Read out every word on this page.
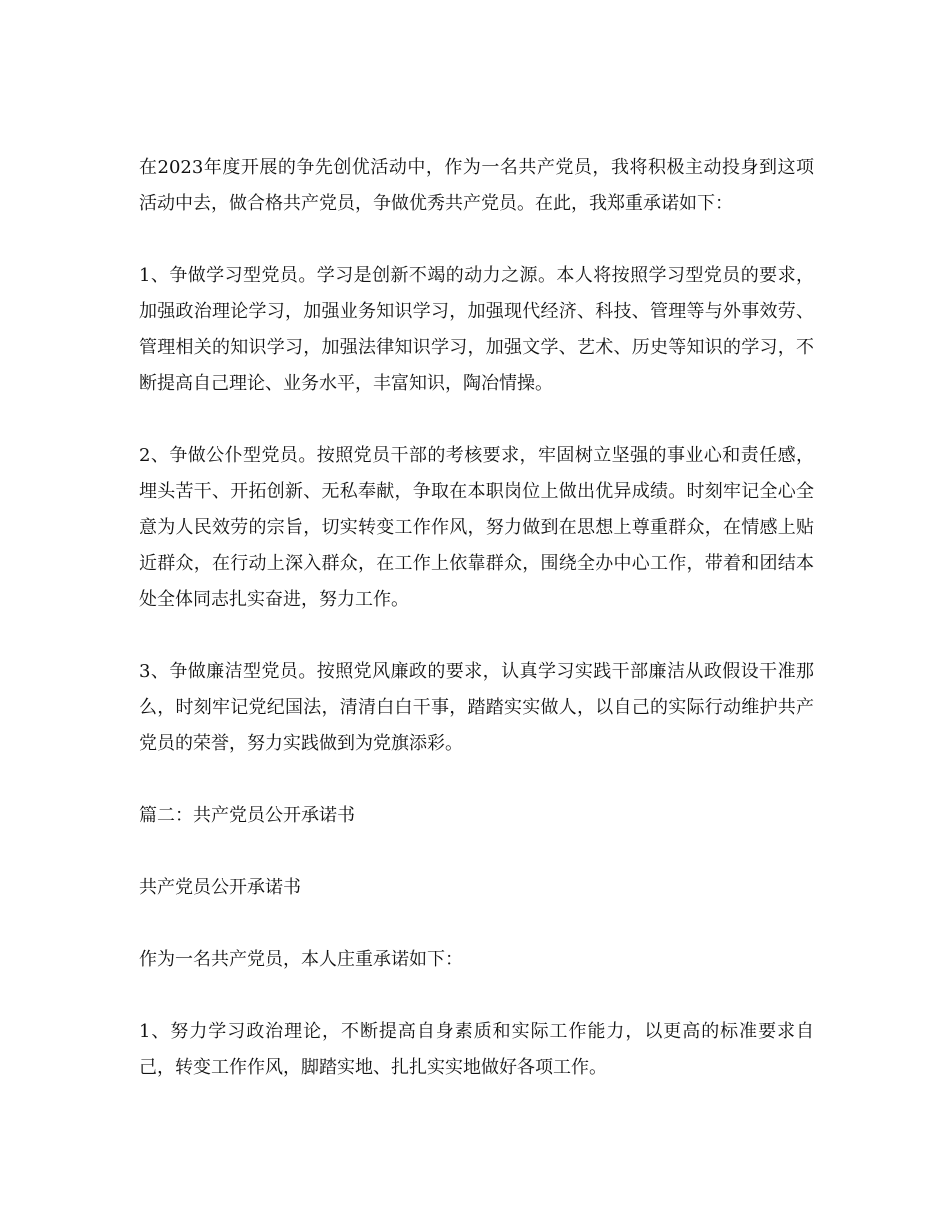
在2023年度开展的争先创优活动中，作为一名共产党员，我将积极主动投身到这项活动中去，做合格共产党员，争做优秀共产党员。在此，我郑重承诺如下：

1、争做学习型党员。学习是创新不竭的动力之源。本人将按照学习型党员的要求，加强政治理论学习，加强业务知识学习，加强现代经济、科技、管理等与外事效劳、管理相关的知识学习，加强法律知识学习，加强文学、艺术、历史等知识的学习，不断提高自己理论、业务水平，丰富知识，陶冶情操。

2、争做公仆型党员。按照党员干部的考核要求，牢固树立坚强的事业心和责任感，埋头苦干、开拓创新、无私奉献，争取在本职岗位上做出优异成绩。时刻牢记全心全意为人民效劳的宗旨，切实转变工作作风，努力做到在思想上尊重群众，在情感上贴近群众，在行动上深入群众，在工作上依靠群众，围绕全办中心工作，带着和团结本处全体同志扎实奋进，努力工作。

3、争做廉洁型党员。按照党风廉政的要求，认真学习实践干部廉洁从政假设干准那么，时刻牢记党纪国法，清清白白干事，踏踏实实做人，以自己的实际行动维护共产党员的荣誉，努力实践做到为党旗添彩。

篇二：共产党员公开承诺书

共产党员公开承诺书

作为一名共产党员，本人庄重承诺如下：

1、努力学习政治理论，不断提高自身素质和实际工作能力，以更高的标准要求自己，转变工作作风，脚踏实地、扎扎实实地做好各项工作。
